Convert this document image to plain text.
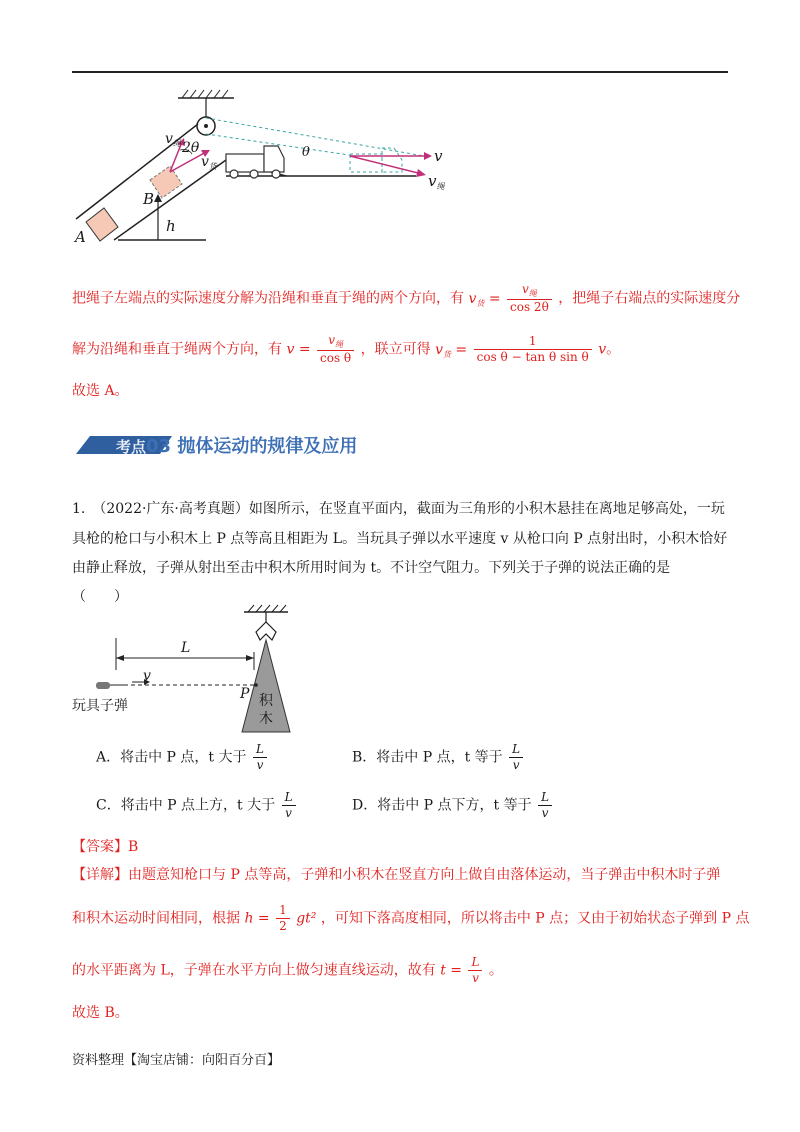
$v_绳$ 2θ
$v_货$
B
A
h
θ	v
$v_绳$
把绳子左端点的实际速度分解为沿绳和垂直于绳的两个方向，有 $v_货 = \frac{v_绳}{\cos 2\theta}$ ，把绳子右端点的实际速度分
解为沿绳和垂直于绳两个方向，有 $v = \frac{v_绳}{\text{cos θ}}$ ，联立可得 $v_货 = \frac{1}{\text{cos θ − tan θ sin θ}}$ v。
故选 A。
考点03 抛体运动的规律及应用
1.　（2022·广东·高考真题）如图所示，在竖直平面内，截面为三角形的小积木悬挂在离地足够高处，一玩
具枪的枪口与小积木上 P 点等高且相距为 L。当玩具子弹以水平速度 v 从枪口向 P 点射出时，小积木恰好
由静止释放，子弹从射出至击中积木所用时间为 t。不计空气阻力。下列关于子弹的说法正确的是
（　　）
L
v
P 积
木
玩具子弹
A．将击中 P 点，t 大于 $\frac{L}{v}$	B．将击中 P 点，t 等于 $\frac{L}{v}$
C．将击中 P 点上方，t 大于 $\frac{L}{v}$	D．将击中 P 点下方，t 等于 $\frac{L}{v}$
【答案】B
【详解】由题意知枪口与 P 点等高，子弹和小积木在竖直方向上做自由落体运动，当子弹击中积木时子弹
和积木运动时间相同，根据 $h = \frac{1}{2} gt^2$ ，可知下落高度相同，所以将击中 P 点；又由于初始状态子弹到 P 点
的水平距离为 L，子弹在水平方向上做匀速直线运动，故有 $t = \frac{L}{v}$ 。
故选 B。
资料整理【淘宝店铺：向阳百分百】
